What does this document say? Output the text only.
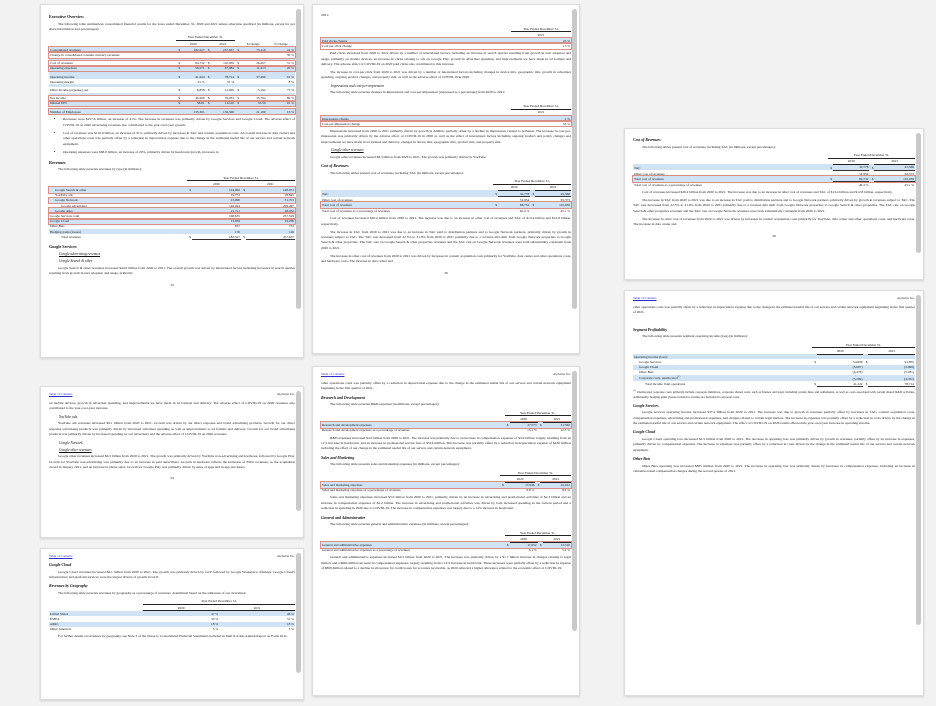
Executive Overview

The following table summarizes consolidated financial results for the years ended December 31, 2020 and 2021 unless otherwise specified (in millions, except for per share information and percentages):

	Year Ended December 31,						
		2020		2021		$ Change	% Change
Consolidated revenues	$	182,527	$	257,637	$	75,110	41 %
Change in consolidated constant currency revenues							39 %

Cost of revenues	$	84,732	$	110,939	$	26,207	31 %
Operating expenses	$	56,571	$	67,984	$	11,413	20 %

Operating income	$	41,224	$	78,714	$	37,490	91 %
Operating margin		23 %		31 %			8 %

Other income (expense), net	$	6,858	$	12,020	$	5,162	75 %

Net income	$	40,269	$	76,033	$	35,764	89 %
Diluted EPS	$	58.61	$	112.20	$	53.59	91 %

Number of Employees		135,301		156,500		21,199	16 %
• Revenues were $257.6 billion, an increase of 41%. The increase in revenues was primarily driven by Google Services and Google Cloud. The adverse effect of COVID-19 on 2020 advertising revenues also contributed to the year-over-year growth.
• Cost of revenues was $110.9 billion, an increase of 31%, primarily driven by increases in TAC and content acquisition costs. An overall increase in data centers and other operations costs was partially offset by a reduction in depreciation expense due to the change in the estimated useful life of our servers and certain network equipment.
• Operating expenses were $68.0 billion, an increase of 20%, primarily driven by headcount growth, increases in
Revenues

The following table presents revenues by type (in millions):

	Year Ended December 31,			
		2020		2021
Google Search & other	$	104,062	$	148,951
YouTube ads		19,772		28,845
Google Network		23,090		31,701
Google advertising		146,924		209,497
Google other		21,711		28,032
Google Services total		168,635		237,529
Google Cloud		13,059		19,206
Other Bets		657		753
Hedging gains (losses)		176		149
Total revenues	$	182,527	$	257,637
Google Services
Google advertising revenues
Google Search & other

Google Search & other revenues increased $44.9 billion from 2020 to 2021. The overall growth was driven by interrelated factors including increases in search queries resulting from growth in user adoption and usage, primarily

33
Table of Contents	Alphabet Inc.

on mobile devices, growth in advertiser spending, and improvements we have made in ad formats and delivery. The adverse effect of COVID-19 on 2020 revenues also contributed to the year-over-year increase.

YouTube ads

YouTube ads revenues increased $9.1 billion from 2020 to 2021. Growth was driven by our direct response and brand advertising products. Growth for our direct response advertising products was primarily driven by increased advertiser spending as well as improvements to ad formats and delivery. Growth for our brand advertising products was primarily driven by increased spending by our advertisers and the adverse effect of COVID-19 on 2020 revenues.

Google Network
Google other revenues

Google other revenues increased $6.3 billion from 2020 to 2021. The growth was primarily driven by YouTube non-advertising and hardware, followed by Google Play. Growth for YouTube non-advertising was primarily due to an increase in paid subscribers. Growth in hardware reflects the inclusion of Fitbit revenues, as the acquisition closed in January 2021, and an increase in phone sales. Growth for Google Play was primarily driven by sales of apps and in-app purchases.

34
Table of Contents	Alphabet Inc.
Google Cloud

Google Cloud revenues increased $6.1 billion from 2020 to 2021. The growth was primarily driven by GCP followed by Google Workspace offerings. Google Cloud's infrastructure and platform services were the largest drivers of growth in GCP.

Revenues by Geography

The following table presents revenues by geography as a percentage of revenues, determined based on the addresses of our customers:

	Year Ended December 31,	
	2020	2021
United States	47 %	46 %
EMEA	30 %	31 %
APAC	18 %	18 %
Other Americas	5 %	5 %

For further details on revenues by geography, see Note 2 of the Notes to Consolidated Financial Statements included in Item 8 of this Annual Report on Form 10-K.

2021:

	Year Ended December 31,
	2021
Paid clicks change	23 %
Cost-per-click change	15 %

Paid clicks increased from 2020 to 2021 driven by a number of interrelated factors, including an increase in search queries resulting from growth in user adoption and usage, primarily on mobile devices, an increase in clicks relating to ads on Google Play, growth in advertiser spending, and improvements we have made in ad formats and delivery. The adverse effect of COVID-19 on 2020 paid clicks also contributed to this increase.

The increase in cost-per-click from 2020 to 2021 was driven by a number of interrelated factors including changes in device mix, geographic mix, growth in advertiser spending, ongoing product changes, and property mix, as well as the adverse effect of COVID-19 in 2020.

Impressions and cost-per-impression

The following table presents changes in impressions and cost-per-impression (expressed as a percentage) from 2020 to 2021:

	Year Ended December 31,
	2021
Impressions change	2 %
Cost-per-impression change	35 %

Impressions increased from 2020 to 2021 primarily driven by growth in AdMob, partially offset by a decline in impressions related to AdSense. The increase in cost-per-impression was primarily driven by the adverse effect of COVID-19 in 2020 as well as the effect of interrelated factors including ongoing product and policy changes and improvements we have made in ad formats and delivery, changes in device mix, geographic mix, product mix, and property mix.

Google other revenues

Google other revenues increased $6.3 billion from 2020 to 2021. The growth was primarily driven by YouTube

Cost of Revenues

The following tables present cost of revenues, including TAC (in millions, except percentages):

	Year Ended December 31,			
		2020		2021
TAC	$	32,778	$	45,566
Other cost of revenues		51,954		65,373
Total cost of revenues	$	84,732	$	110,939
Total cost of revenues as a percentage of revenues		46.4 %		43.1 %

Cost of revenues increased $26.2 billion from 2020 to 2021. The increase was due to an increase in other cost of revenues and TAC of $13.4 billion and $12.8 billion, respectively.

The increase in TAC from 2020 to 2021 was due to an increase in TAC paid to distribution partners and to Google Network partners, primarily driven by growth in revenues subject to TAC. The TAC rate decreased from 22.5% to 21.8% from 2020 to 2021 primarily due to a revenue mix shift from Google Network properties to Google Search & other properties. The TAC rate on Google Search & other properties revenues and the TAC rate on Google Network revenues were both substantially consistent from 2020 to 2021.

The increase in other cost of revenues from 2020 to 2021 was driven by increases in content acquisition costs primarily for YouTube, data center and other operations costs, and hardware costs. The increase in data center and

36
Table of Contents	Alphabet Inc.

other operations costs was partially offset by a reduction in depreciation expense due to the change in the estimated useful life of our servers and certain network equipment beginning in the first quarter of 2021.

Research and Development

The following table presents R&D expenses (in millions, except percentages):

	Year Ended December 31,			
		2020		2021
Research and development expenses	$	27,573	$	31,562
Research and development expenses as a percentage of revenues		15.1 %		12.3 %

R&D expenses increased $4.0 billion from 2020 to 2021. The increase was primarily due to an increase in compensation expenses of $3.0 billion, largely resulting from an 11% increase in headcount, and an increase in professional service fees of $516 million. This increase was partially offset by a reduction in depreciation expense of $430 million including the effect of our change in the estimated useful life of our servers and certain network equipment.

Sales and Marketing

The following table presents sales and marketing expenses (in millions, except percentages):

	Year Ended December 31,			
		2020		2021
Sales and marketing expenses	$	17,946	$	22,912
Sales and marketing expenses as a percentage of revenues		9.8 %		8.9 %

Sales and marketing expenses increased $5.0 billion from 2020 to 2021, primarily driven by an increase in advertising and promotional activities of $2.3 billion and an increase in compensation expenses of $2.2 billion. The increase in advertising and promotional activities was driven by both increased spending in the current period and a reduction in spending in 2020 due to COVID-19. The increase in compensation expenses was largely due to a 14% increase in headcount.

General and Administrative

The following table presents general and administrative expenses (in millions, except percentages):

	Year Ended December 31,			
		2020		2021
General and administrative expenses	$	11,052	$	13,510
General and administrative expenses as a percentage of revenues		6.1 %		5.2 %

General and administrative expenses increased $2.5 billion from 2020 to 2021. The increase was primarily driven by a $1.7 billion increase in charges relating to legal matters and a $664 million increase in compensation expenses, largely resulting from a 14% increase in headcount. These increases were partially offset by a reduction in expense of $808 million related to a decline in allowance for credit losses for accounts receivable, as 2020 reflected a higher allowance related to the economic effect of COVID-19.

Cost of Revenues

The following tables present cost of revenues, including TAC (in millions, except percentages):

	Year Ended December 31,			
		2020		2021
TAC	$	32,778	$	45,566
Other cost of revenues		51,954		65,373
Total cost of revenues	$	84,732	$	110,939
Total cost of revenues as a percentage of revenues		46.4 %		43.1 %

Cost of revenues increased $26.2 billion from 2020 to 2021. The increase was due to an increase in other cost of revenues and TAC of $13.4 billion and $12.8 billion, respectively.

The increase in TAC from 2020 to 2021 was due to an increase in TAC paid to distribution partners and to Google Network partners, primarily driven by growth in revenues subject to TAC. The TAC rate decreased from 22.5% to 21.8% from 2020 to 2021 primarily due to a revenue mix shift from Google Network properties to Google Search & other properties. The TAC rate on Google Search & other properties revenues and the TAC rate on Google Network revenues were both substantially consistent from 2020 to 2021.

The increase in other cost of revenues from 2020 to 2021 was driven by increases in content acquisition costs primarily for YouTube, data center and other operations costs, and hardware costs. The increase in data center and

36
Table of Contents	Alphabet Inc.

other operations costs was partially offset by a reduction in depreciation expense due to the change in the estimated useful life of our servers and certain network equipment beginning in the first quarter of 2021.

Segment Profitability

The following table presents segment operating income (loss) (in millions):

	Year Ended December 31,			
		2020		2021
Operating income (loss):				
Google Services	$	54,606	$	91,855
Google Cloud		(5,607)		(3,099)
Other Bets		(4,476)		(5,281)
Corporate costs, unallocated$^{(1)}$		(3,299)		(4,761)
Total income from operations	$	41,224	$	78,714
$^{(1)}$ Unallocated corporate costs primarily include corporate initiatives, corporate shared costs, such as finance and legal, including certain fines and settlements, as well as costs associated with certain shared R&D activities. Additionally, hedging gains (losses) related to revenue are included in corporate costs.
Google Services

Google services operating income increased $37.2 billion from 2020 to 2021. The increase was due to growth in revenues partially offset by increases in TAC, content acquisition costs, compensation expenses, advertising and promotional expenses, and charges related to certain legal matters. The increase in expenses was partially offset by a reduction in costs driven by the change in the estimated useful life of our servers and certain network equipment. The effect of COVID-19 on 2020 results affected the year-over-year increase in operating income.

Google Cloud

Google Cloud operating loss decreased $2.5 billion from 2020 to 2021. The decrease in operating loss was primarily driven by growth in revenues, partially offset by an increase in expenses, primarily driven by compensation expenses. The increase in expenses was partially offset by a reduction in costs driven by the change in the estimated useful life of our servers and certain network equipment.

Other Bets

Other Bets operating loss increased $805 million from 2020 to 2021. The increase in operating loss was primarily driven by increases in compensation expenses, including an increase in valuation-based compensation charges during the second quarter of 2021.
